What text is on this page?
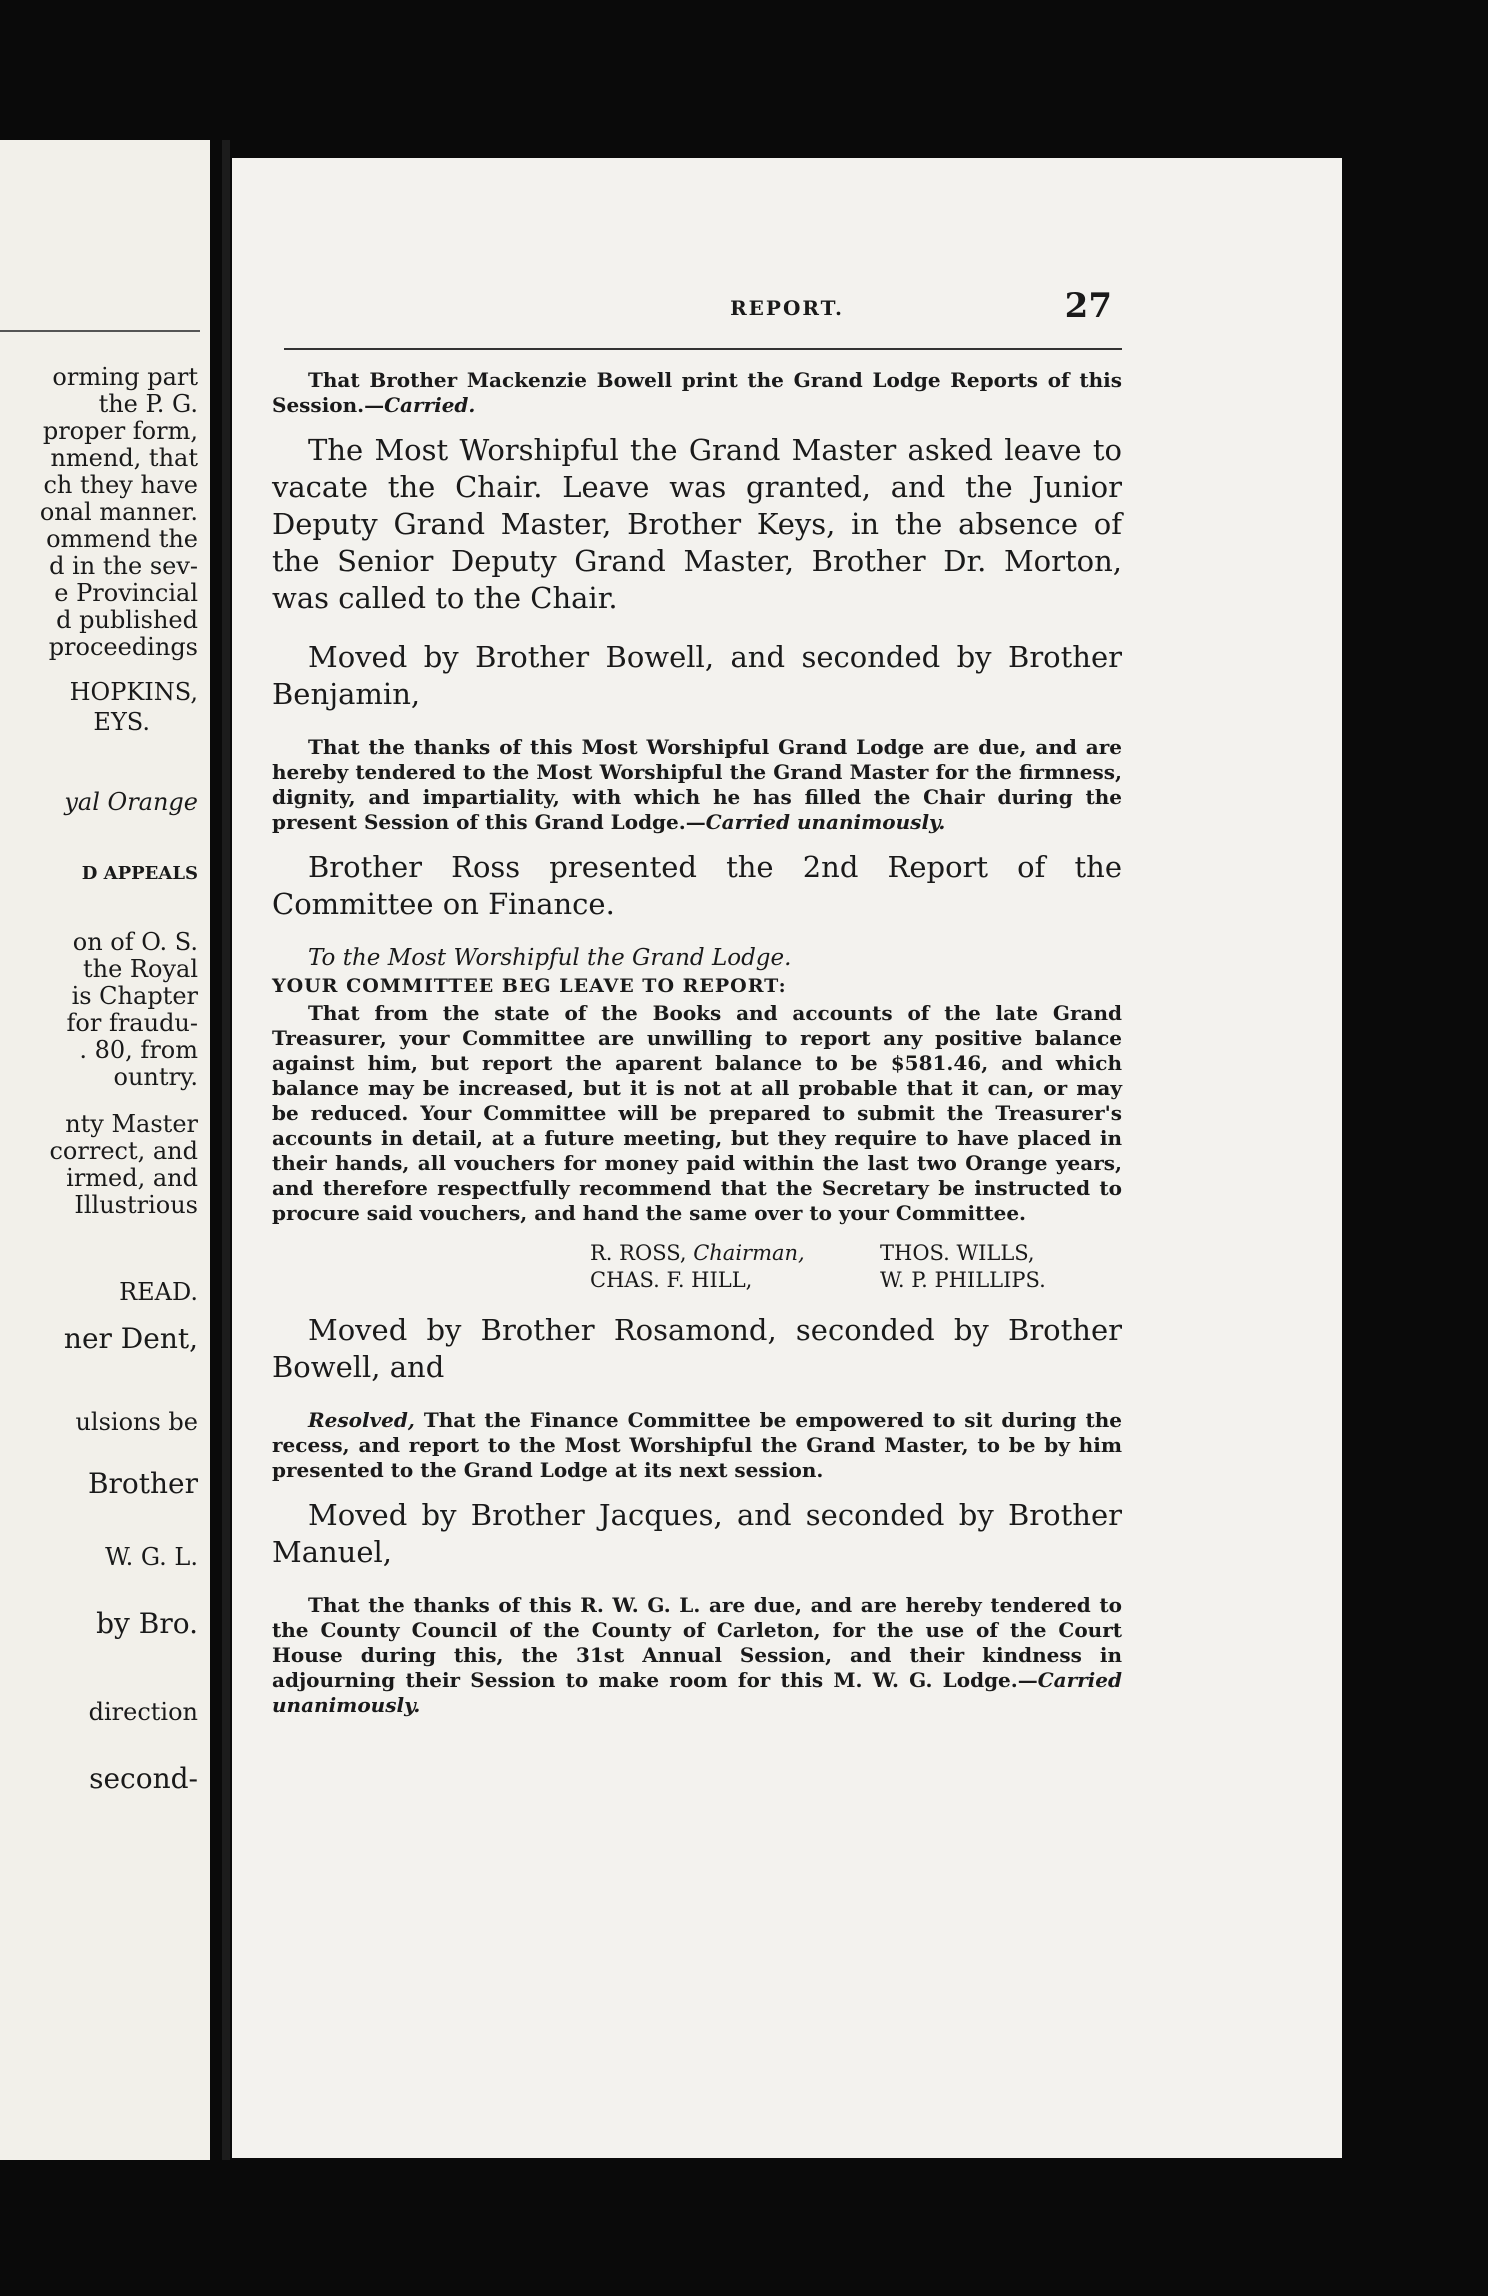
orming part
the P. G.
proper form,
nmend, that
ch they have
onal manner.
ommend the
d in the sev-
e Provincial
d published
proceedings
HOPKINS,
EYS.
yal Orange
D APPEALS
on of O. S.
the Royal
is Chapter
for fraudu-
. 80, from
ountry.
nty Master
correct, and
irmed, and
Illustrious
READ.
ner Dent,
ulsions be
Brother
W. G. L.
by Bro.
direction
second-
REPORT.	27

That Brother Mackenzie Bowell print the Grand Lodge Reports of this Session.—Carried.

The Most Worshipful the Grand Master asked leave to vacate the Chair. Leave was granted, and the Junior Deputy Grand Master, Brother Keys, in the absence of the Senior Deputy Grand Master, Brother Dr. Morton, was called to the Chair.

Moved by Brother Bowell, and seconded by Brother Benjamin,

That the thanks of this Most Worshipful Grand Lodge are due, and are hereby tendered to the Most Worshipful the Grand Master for the firmness, dignity, and impartiality, with which he has filled the Chair during the present Session of this Grand Lodge.—Carried unanimously.

Brother Ross presented the 2nd Report of the Committee on Finance.

To the Most Worshipful the Grand Lodge.

YOUR COMMITTEE BEG LEAVE TO REPORT:

That from the state of the Books and accounts of the late Grand Treasurer, your Committee are unwilling to report any positive balance against him, but report the aparent balance to be $581.46, and which balance may be increased, but it is not at all probable that it can, or may be reduced. Your Committee will be prepared to submit the Treasurer's accounts in detail, at a future meeting, but they require to have placed in their hands, all vouchers for money paid within the last two Orange years, and therefore respectfully recommend that the Secretary be instructed to procure said vouchers, and hand the same over to your Committee.

R. ROSS, Chairman,	THOS. WILLS,
CHAS. F. HILL,	W. P. PHILLIPS.

Moved by Brother Rosamond, seconded by Brother Bowell, and

Resolved, That the Finance Committee be empowered to sit during the recess, and report to the Most Worshipful the Grand Master, to be by him presented to the Grand Lodge at its next session.

Moved by Brother Jacques, and seconded by Brother Manuel,

That the thanks of this R. W. G. L. are due, and are hereby tendered to the County Council of the County of Carleton, for the use of the Court House during this, the 31st Annual Session, and their kindness in adjourning their Session to make room for this M. W. G. Lodge.—Carried unanimously.
